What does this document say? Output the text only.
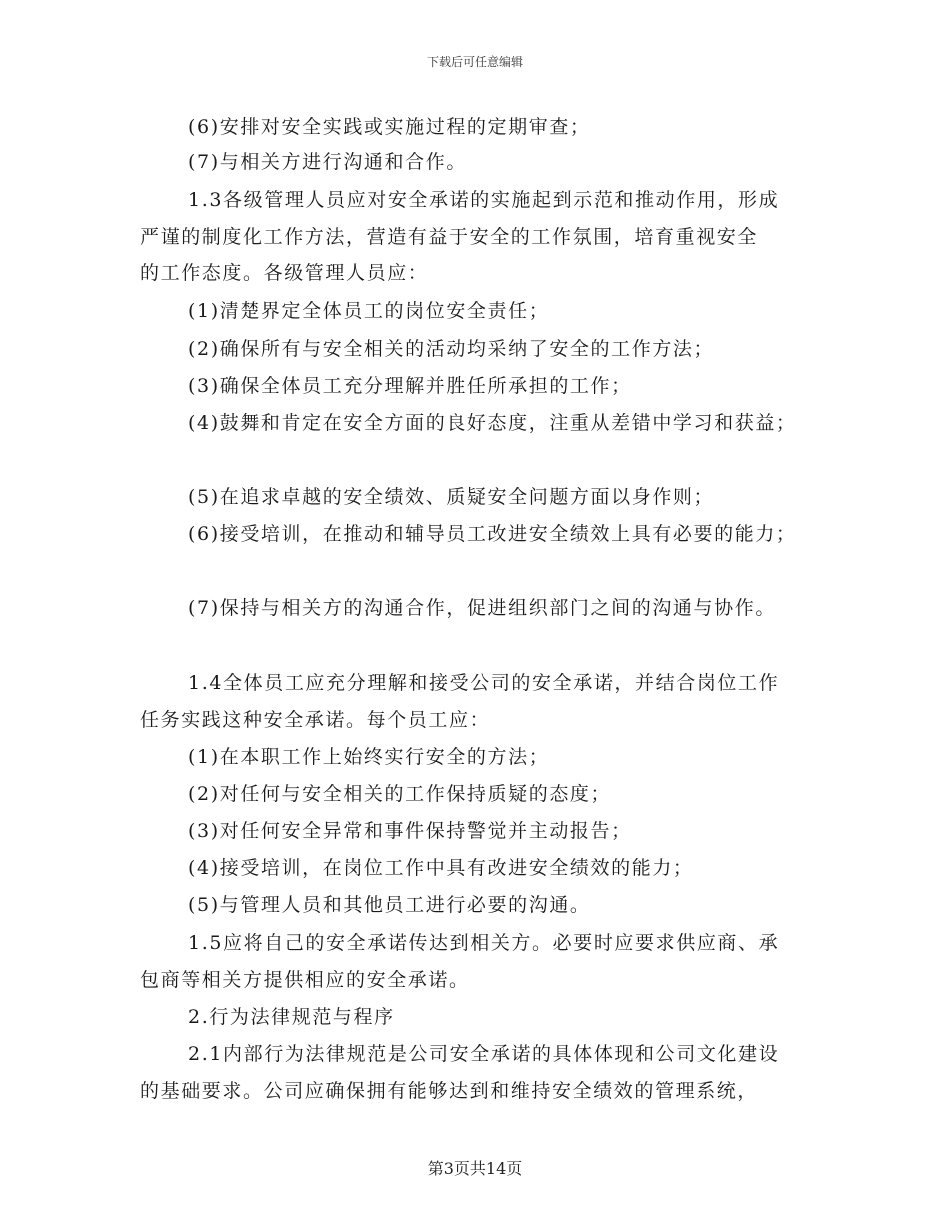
下载后可任意编辑
(6)安排对安全实践或实施过程的定期审查；
(7)与相关方进行沟通和合作。
1.3各级管理人员应对安全承诺的实施起到示范和推动作用，形成
严谨的制度化工作方法，营造有益于安全的工作氛围，培育重视安全
的工作态度。各级管理人员应：
(1)清楚界定全体员工的岗位安全责任；
(2)确保所有与安全相关的活动均采纳了安全的工作方法；
(3)确保全体员工充分理解并胜任所承担的工作；
(4)鼓舞和肯定在安全方面的良好态度，注重从差错中学习和获益；
(5)在追求卓越的安全绩效、质疑安全问题方面以身作则；
(6)接受培训，在推动和辅导员工改进安全绩效上具有必要的能力；
(7)保持与相关方的沟通合作，促进组织部门之间的沟通与协作。
1.4全体员工应充分理解和接受公司的安全承诺，并结合岗位工作
任务实践这种安全承诺。每个员工应：
(1)在本职工作上始终实行安全的方法；
(2)对任何与安全相关的工作保持质疑的态度；
(3)对任何安全异常和事件保持警觉并主动报告；
(4)接受培训，在岗位工作中具有改进安全绩效的能力；
(5)与管理人员和其他员工进行必要的沟通。
1.5应将自己的安全承诺传达到相关方。必要时应要求供应商、承
包商等相关方提供相应的安全承诺。
2.行为法律规范与程序
2.1内部行为法律规范是公司安全承诺的具体体现和公司文化建设
的基础要求。公司应确保拥有能够达到和维持安全绩效的管理系统，
第3页共14页
